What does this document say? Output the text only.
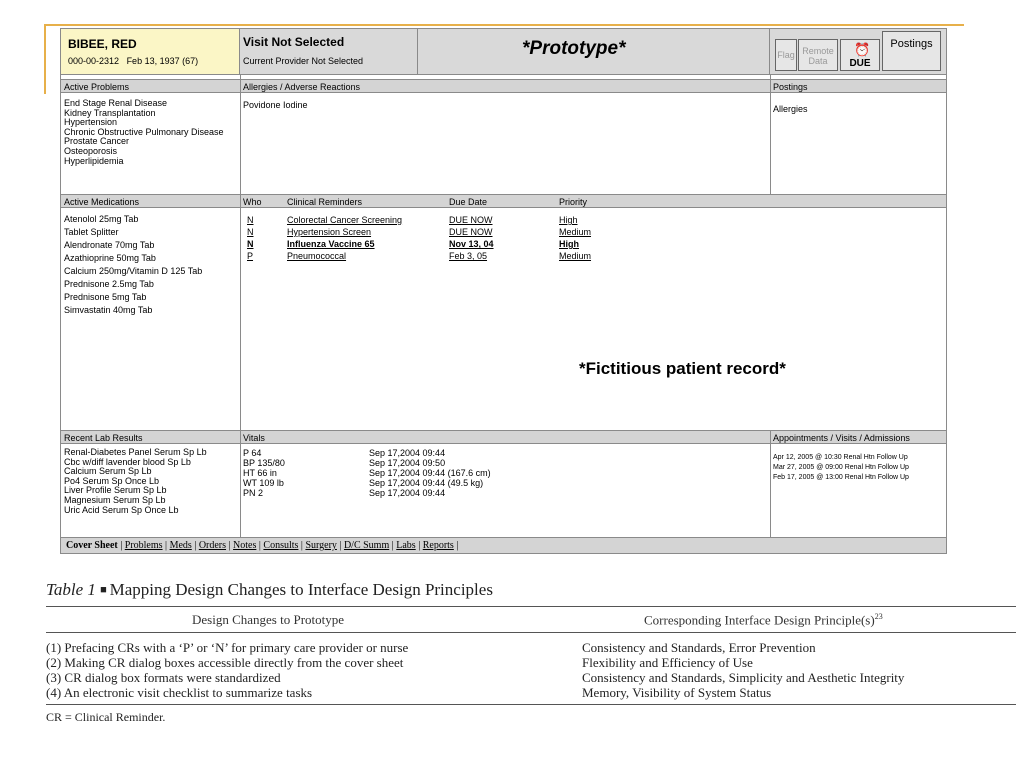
BIBEE, RED
000-00-2312 Feb 13, 1937 (67)
Visit Not Selected
Current Provider Not Selected
*Prototype*	Flag Remote Data
⏰
DUE
Postings
Active Problems	Allergies / Adverse Reactions	Postings
End Stage Renal Disease
Kidney Transplantation
Hypertension
Chronic Obstructive Pulmonary Disease
Prostate Cancer
Osteoporosis
Hyperlipidemia
Povidone Iodine	Allergies
Active Medications	Who	Clinical Reminders	Due Date	Priority
Atenolol 25mg Tab
Tablet Splitter
Alendronate 70mg Tab
Azathioprine 50mg Tab
Calcium 250mg/Vitamin D 125 Tab
Prednisone 2.5mg Tab
Prednisone 5mg Tab
Simvastatin 40mg Tab
N	Colorectal Cancer Screening	DUE NOW	High
N	Hypertension Screen	DUE NOW	Medium
N	Influenza Vaccine 65	Nov 13, 04	High
P	Pneumococcal	Feb 3, 05	Medium
*Fictitious patient record*
Recent Lab Results	Vitals	Appointments / Visits / Admissions
Renal-Diabetes Panel Serum Sp Lb
Cbc w/diff lavender blood Sp Lb
Calcium Serum Sp Lb
Po4 Serum Sp Once Lb
Liver Profile Serum Sp Lb
Magnesium Serum Sp Lb
Uric Acid Serum Sp Once Lb
P 64	Sep 17,2004 09:44
BP 135/80	Sep 17,2004 09:50
HT 66 in	Sep 17,2004 09:44 (167.6 cm)
WT 109 lb	Sep 17,2004 09:44 (49.5 kg)
PN 2	Sep 17,2004 09:44
Apr 12, 2005 @ 10:30 Renal Htn Follow Up
Mar 27, 2005 @ 09:00 Renal Htn Follow Up
Feb 17, 2005 @ 13:00 Renal Htn Follow Up
Cover Sheet | Problems | Meds | Orders | Notes | Consults | Surgery | D/C Summ | Labs | Reports |
Table 1 ■ Mapping Design Changes to Interface Design Principles
Design Changes to Prototype	Corresponding Interface Design $Principle(s)^{23}$
(1) Prefacing CRs with a ‘P’ or ‘N’ for primary care provider or nurse	Consistency and Standards, Error Prevention
(2) Making CR dialog boxes accessible directly from the cover sheet	Flexibility and Efficiency of Use
(3) CR dialog box formats were standardized	Consistency and Standards, Simplicity and Aesthetic Integrity
(4) An electronic visit checklist to summarize tasks	Memory, Visibility of System Status
CR = Clinical Reminder.
